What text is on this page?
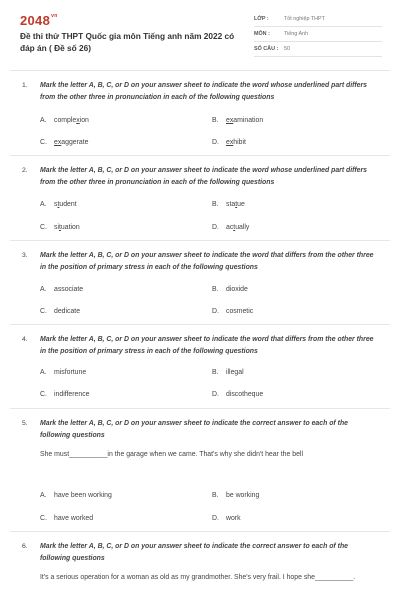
$2048^{vn}$
Đề thi thử THPT Quốc gia môn Tiếng anh năm 2022 có đáp án ( Đề số 26)
LỚP :	Tốt nghiệp THPT
MÔN :	Tiếng Anh
SỐ CÂU : 50
1. Mark the letter A, B, C, or D on your answer sheet to indicate the word whose underlined part differs from the other three in pronunciation in each of the following questions
A. complexion	B. examination
C. exaggerate	D. exhibit
2. Mark the letter A, B, C, or D on your answer sheet to indicate the word whose underlined part differs from the other three in pronunciation in each of the following questions
A. student	B. statue
C. situation	D. actually
3. Mark the letter A, B, C, or D on your answer sheet to indicate the word that differs from the other three in the position of primary stress in each of the following questions
A. associate	B. dioxide
C. dedicate	D. cosmetic
4. Mark the letter A, B, C, or D on your answer sheet to indicate the word that differs from the other three in the position of primary stress in each of the following questions
A. misfortune	B. illegal
C. indifference	D. discotheque
5. Mark the letter A, B, C, or D on your answer sheet to indicate the correct answer to each of the following questions
She must__________in the garage when we came. That's why she didn't hear the bell
A. have been working	B. be working
C. have worked	D. work
6. Mark the letter A, B, C, or D on your answer sheet to indicate the correct answer to each of the following questions
It's a serious operation for a woman as old as my grandmother. She's very frail. I hope she__________.
